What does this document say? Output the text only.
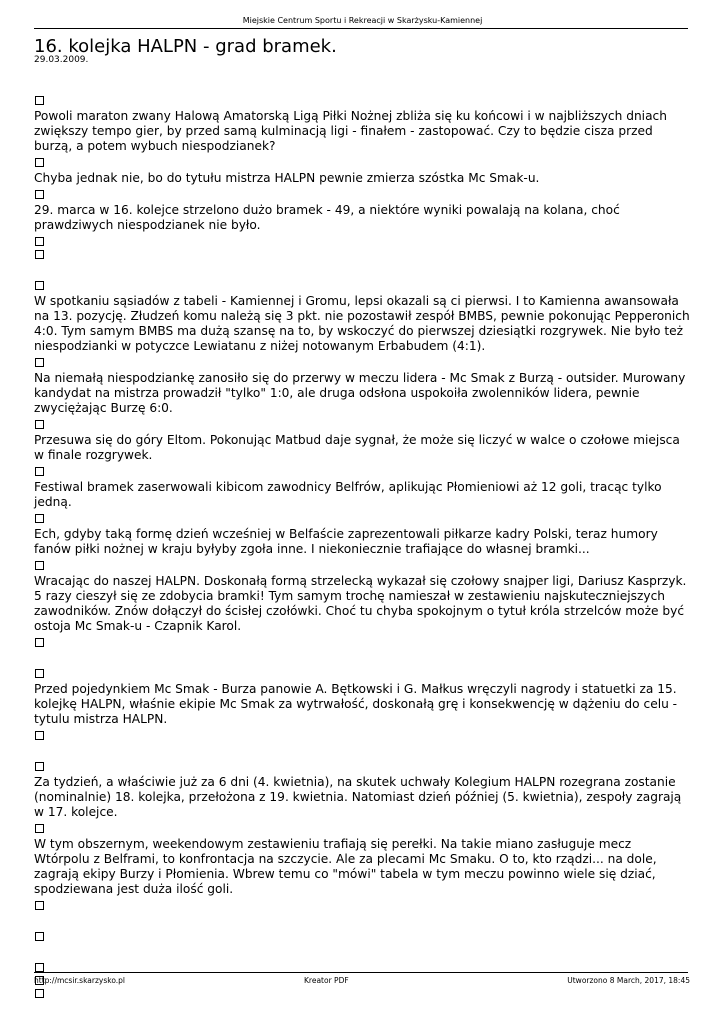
Miejskie Centrum Sportu i Rekreacji w Skarżysku-Kamiennej
16. kolejka HALPN - grad bramek.
29.03.2009.

Powoli maraton zwany Halową Amatorską Ligą Piłki Nożnej zbliża się ku końcowi i w najbliższych dniach zwiększy tempo gier, by przed samą kulminacją ligi - finałem - zastopować. Czy to będzie cisza przed burzą, a potem wybuch niespodzianek?

Chyba jednak nie, bo do tytułu mistrza HALPN pewnie zmierza szóstka Mc Smak-u.

29. marca w 16. kolejce strzelono dużo bramek - 49, a niektóre wyniki powalają na kolana, choć prawdziwych niespodzianek nie było.

W spotkaniu sąsiadów z tabeli - Kamiennej i Gromu, lepsi okazali są ci pierwsi. I to Kamienna awansowała na 13. pozycję. Złudzeń komu należą się 3 pkt. nie pozostawił zespół BMBS, pewnie pokonując Pepperonich 4:0. Tym samym BMBS ma dużą szansę na to, by wskoczyć do pierwszej dziesiątki rozgrywek. Nie było też niespodzianki w potyczce Lewiatanu z niżej notowanym Erbabudem (4:1).

Na niemałą niespodziankę zanosiło się do przerwy w meczu lidera - Mc Smak z Burzą - outsider. Murowany kandydat na mistrza prowadził "tylko" 1:0, ale druga odsłona uspokoiła zwolenników lidera, pewnie zwyciężając Burzę 6:0.

Przesuwa się do góry Eltom. Pokonując Matbud daje sygnał, że może się liczyć w walce o czołowe miejsca w finale rozgrywek.

Festiwal bramek zaserwowali kibicom zawodnicy Belfrów, aplikując Płomieniowi aż 12 goli, tracąc tylko jedną.

Ech, gdyby taką formę dzień wcześniej w Belfaście zaprezentowali piłkarze kadry Polski, teraz humory fanów piłki nożnej w kraju byłyby zgoła inne. I niekoniecznie trafiające do własnej bramki...

Wracając do naszej HALPN. Doskonałą formą strzelecką wykazał się czołowy snajper ligi, Dariusz Kasprzyk. 5 razy cieszył się ze zdobycia bramki! Tym samym trochę namieszał w zestawieniu najskuteczniejszych zawodników. Znów dołączył do ścisłej czołówki. Choć tu chyba spokojnym o tytuł króla strzelców może być ostoja Mc Smak-u - Czapnik Karol.

Przed pojedynkiem Mc Smak - Burza panowie A. Bętkowski i G. Małkus wręczyli nagrody i statuetki za 15. kolejkę HALPN, właśnie ekipie Mc Smak za wytrwałość, doskonałą grę i konsekwencję w dążeniu do celu - tytulu mistrza HALPN.

Za tydzień, a właściwie już za 6 dni (4. kwietnia), na skutek uchwały Kolegium HALPN rozegrana zostanie (nominalnie) 18. kolejka, przełożona z 19. kwietnia. Natomiast dzień później (5. kwietnia), zespoły zagrają w 17. kolejce.

W tym obszernym, weekendowym zestawieniu trafiają się perełki. Na takie miano zasługuje mecz Wtórpolu z Belframi, to konfrontacja na szczycie. Ale za plecami Mc Smaku. O to, kto rządzi... na dole, zagrają ekipy Burzy i Płomienia. Wbrew temu co "mówi" tabela w tym meczu powinno wiele się dziać, spodziewana jest duża ilość goli.

http://mcsir.skarzysko.pl	Kreator PDF	Utworzono 8 March, 2017, 18:45
